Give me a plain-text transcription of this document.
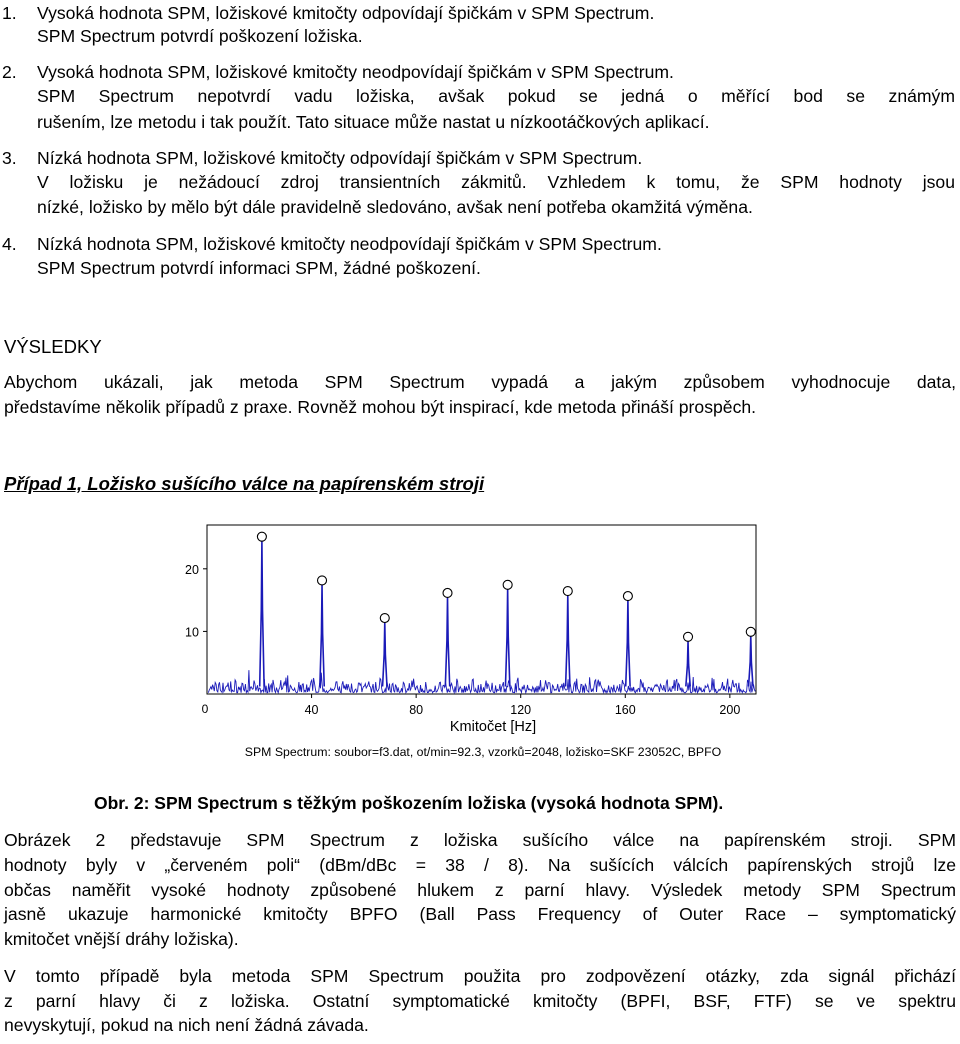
1. Vysoká hodnota SPM, ložiskové kmitočty odpovídají špičkám v SPM Spectrum.
SPM Spectrum potvrdí poškození ložiska.
2. Vysoká hodnota SPM, ložiskové kmitočty neodpovídají špičkám v SPM Spectrum.
SPM Spectrum nepotvrdí vadu ložiska, avšak pokud se jedná o měřící bod se známým
rušením, lze metodu i tak použít. Tato situace může nastat u nízkootáčkových aplikací.
3. Nízká hodnota SPM, ložiskové kmitočty odpovídají špičkám v SPM Spectrum.
V ložisku je nežádoucí zdroj transientních zákmitů. Vzhledem k tomu, že SPM hodnoty jsou
nízké, ložisko by mělo být dále pravidelně sledováno, avšak není potřeba okamžitá výměna.
4. Nízká hodnota SPM, ložiskové kmitočty neodpovídají špičkám v SPM Spectrum.
SPM Spectrum potvrdí informaci SPM, žádné poškození.
VÝSLEDKY
Abychom ukázali, jak metoda SPM Spectrum vypadá a jakým způsobem vyhodnocuje data,
představíme několik případů z praxe. Rovněž mohou být inspirací, kde metoda přináší prospěch.
Případ 1, Ložisko sušícího válce na papírenském stroji
40	80	120	160	200
10
20
0
Kmitočet [Hz]
SPM Spectrum: soubor=f3.dat, ot/min=92.3, vzorků=2048, ložisko=SKF 23052C, BPFO
Obr. 2: SPM Spectrum s těžkým poškozením ložiska (vysoká hodnota SPM).
Obrázek 2 představuje SPM Spectrum z ložiska sušícího válce na papírenském stroji. SPM
hodnoty byly v „červeném poli“ (dBm/dBc = 38 / 8). Na sušících válcích papírenských strojů lze
občas naměřit vysoké hodnoty způsobené hlukem z parní hlavy. Výsledek metody SPM Spectrum
jasně ukazuje harmonické kmitočty BPFO (Ball Pass Frequency of Outer Race – symptomatický
kmitočet vnější dráhy ložiska).
V tomto případě byla metoda SPM Spectrum použita pro zodpovězení otázky, zda signál přichází
z parní hlavy či z ložiska. Ostatní symptomatické kmitočty (BPFI, BSF, FTF) se ve spektru
nevyskytují, pokud na nich není žádná závada.
